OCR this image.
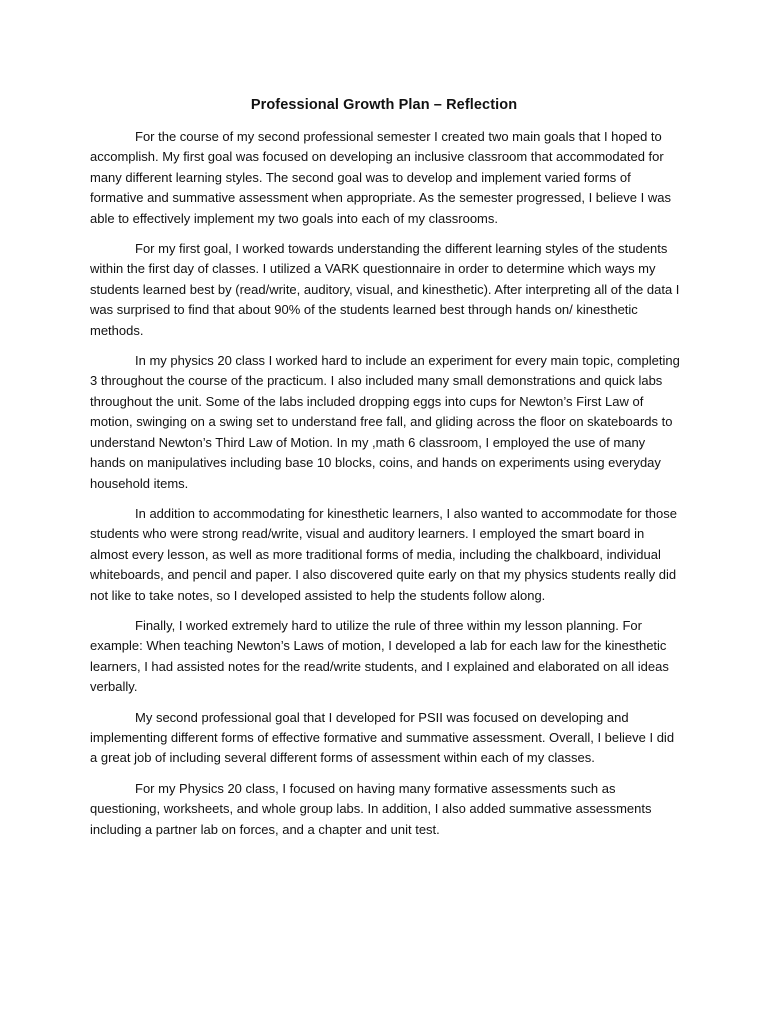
Professional Growth Plan – Reflection

For the course of my second professional semester I created two main goals that I hoped to accomplish. My first goal was focused on developing an inclusive classroom that accommodated for many different learning styles. The second goal was to develop and implement varied forms of formative and summative assessment when appropriate. As the semester progressed, I believe I was able to effectively implement my two goals into each of my classrooms.

For my first goal, I worked towards understanding the different learning styles of the students within the first day of classes. I utilized a VARK questionnaire in order to determine which ways my students learned best by (read/write, auditory, visual, and kinesthetic). After interpreting all of the data I was surprised to find that about 90% of the students learned best through hands on/ kinesthetic methods.

In my physics 20 class I worked hard to include an experiment for every main topic, completing 3 throughout the course of the practicum. I also included many small demonstrations and quick labs throughout the unit. Some of the labs included dropping eggs into cups for Newton’s First Law of motion, swinging on a swing set to understand free fall, and gliding across the floor on skateboards to understand Newton’s Third Law of Motion. In my ,math 6 classroom, I employed the use of many hands on manipulatives including base 10 blocks, coins, and hands on experiments using everyday household items.

In addition to accommodating for kinesthetic learners, I also wanted to accommodate for those students who were strong read/write, visual and auditory learners. I employed the smart board in almost every lesson, as well as more traditional forms of media, including the chalkboard, individual whiteboards, and pencil and paper. I also discovered quite early on that my physics students really did not like to take notes, so I developed assisted to help the students follow along.

Finally, I worked extremely hard to utilize the rule of three within my lesson planning. For example: When teaching Newton’s Laws of motion, I developed a lab for each law for the kinesthetic learners, I had assisted notes for the read/write students, and I explained and elaborated on all ideas verbally.

My second professional goal that I developed for PSII was focused on developing and implementing different forms of effective formative and summative assessment. Overall, I believe I did a great job of including several different forms of assessment within each of my classes.

For my Physics 20 class, I focused on having many formative assessments such as questioning, worksheets, and whole group labs. In addition, I also added summative assessments including a partner lab on forces, and a chapter and unit test.
